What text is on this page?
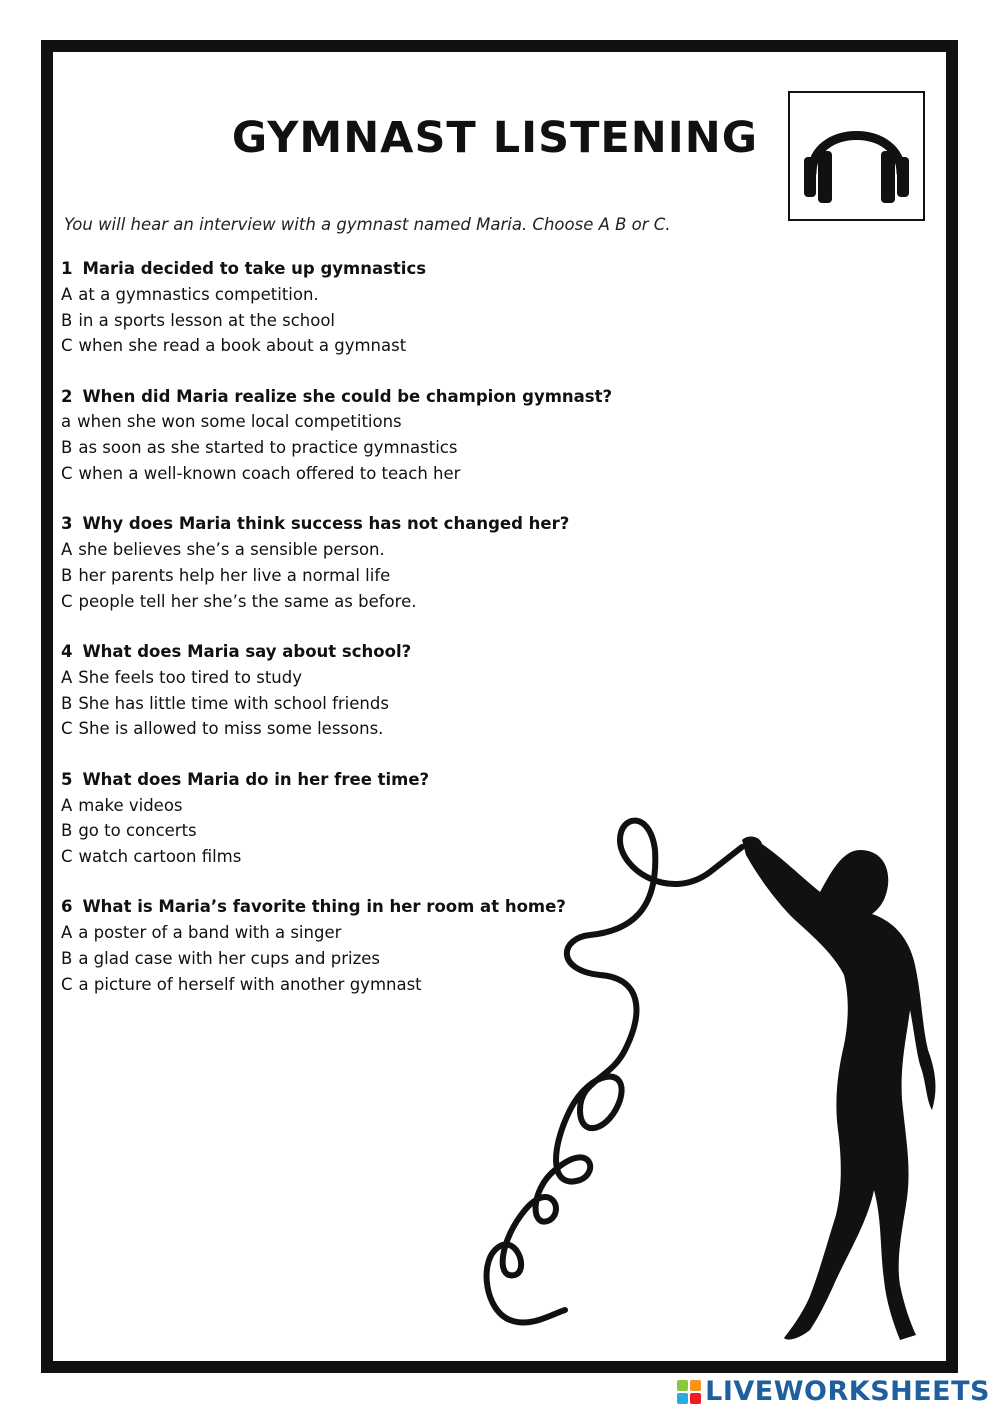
GYMNAST LISTENING

You will hear an interview with a gymnast named Maria. Choose A B or C.

1 Maria decided to take up gymnastics

A at a gymnastics competition.

B in a sports lesson at the school

C when she read a book about a gymnast

2 When did Maria realize she could be champion gymnast?

a when she won some local competitions

B as soon as she started to practice gymnastics

C when a well-known coach offered to teach her

3 Why does Maria think success has not changed her?

A she believes she’s a sensible person.

B her parents help her live a normal life

C people tell her she’s the same as before.

4 What does Maria say about school?

A She feels too tired to study

B She has little time with school friends

C She is allowed to miss some lessons.

5 What does Maria do in her free time?

A make videos

B go to concerts

C watch cartoon films

6 What is Maria’s favorite thing in her room at home?

A a poster of a band with a singer

B a glad case with her cups and prizes

C a picture of herself with another gymnast

LIVEWORKSHEETS
